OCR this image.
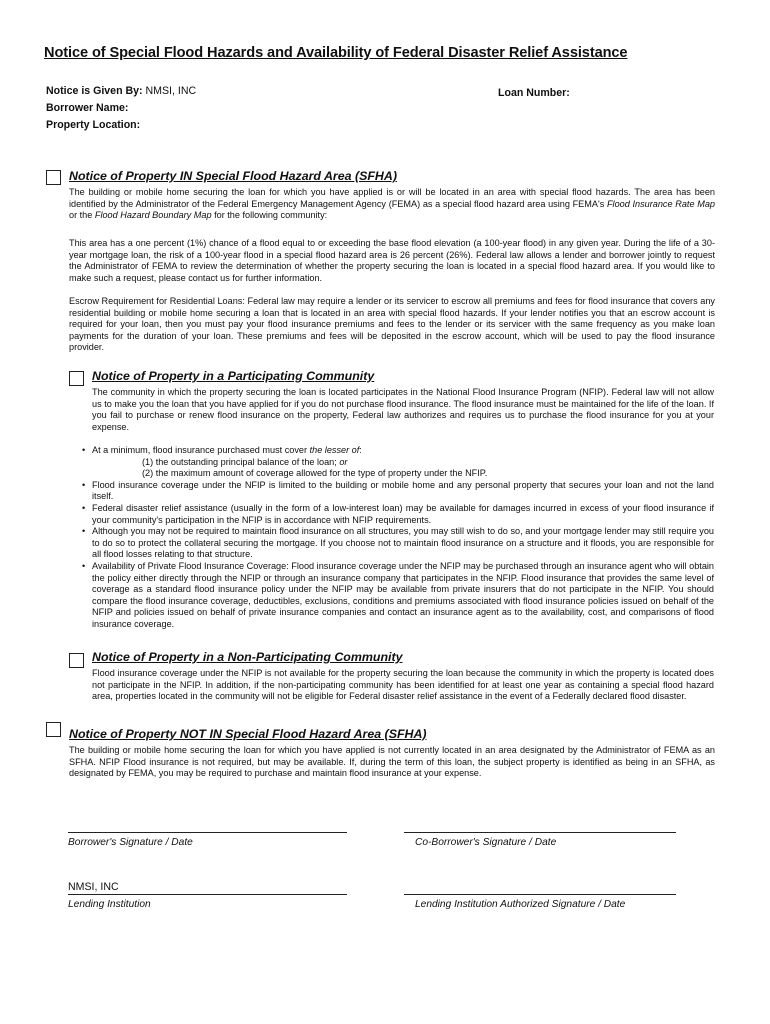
Notice of Special Flood Hazards and Availability of Federal Disaster Relief Assistance
Notice is Given By: NMSI, INC
Borrower Name:
Property Location:
Loan Number:
Notice of Property IN Special Flood Hazard Area (SFHA)

The building or mobile home securing the loan for which you have applied is or will be located in an area with special flood hazards. The area has been identified by the Administrator of the Federal Emergency Management Agency (FEMA) as a special flood hazard area using FEMA's Flood Insurance Rate Map or the Flood Hazard Boundary Map for the following community:

This area has a one percent (1%) chance of a flood equal to or exceeding the base flood elevation (a 100-year flood) in any given year. During the life of a 30-year mortgage loan, the risk of a 100-year flood in a special flood hazard area is 26 percent (26%). Federal law allows a lender and borrower jointly to request the Administrator of FEMA to review the determination of whether the property securing the loan is located in a special flood hazard area. If you would like to make such a request, please contact us for further information.

Escrow Requirement for Residential Loans: Federal law may require a lender or its servicer to escrow all premiums and fees for flood insurance that covers any residential building or mobile home securing a loan that is located in an area with special flood hazards. If your lender notifies you that an escrow account is required for your loan, then you must pay your flood insurance premiums and fees to the lender or its servicer with the same frequency as you make loan payments for the duration of your loan. These premiums and fees will be deposited in the escrow account, which will be used to pay the flood insurance provider.

Notice of Property in a Participating Community

The community in which the property securing the loan is located participates in the National Flood Insurance Program (NFIP). Federal law will not allow us to make you the loan that you have applied for if you do not purchase flood insurance. The flood insurance must be maintained for the life of the loan. If you fail to purchase or renew flood insurance on the property, Federal law authorizes and requires us to purchase the flood insurance for you at your expense.

• At a minimum, flood insurance purchased must cover the lesser of:
(1) the outstanding principal balance of the loan; or
(2) the maximum amount of coverage allowed for the type of property under the NFIP.
• Flood insurance coverage under the NFIP is limited to the building or mobile home and any personal property that secures your loan and not the land itself.
• Federal disaster relief assistance (usually in the form of a low-interest loan) may be available for damages incurred in excess of your flood insurance if your community's participation in the NFIP is in accordance with NFIP requirements.
• Although you may not be required to maintain flood insurance on all structures, you may still wish to do so, and your mortgage lender may still require you to do so to protect the collateral securing the mortgage. If you choose not to maintain flood insurance on a structure and it floods, you are responsible for all flood losses relating to that structure.
• Availability of Private Flood Insurance Coverage: Flood insurance coverage under the NFIP may be purchased through an insurance agent who will obtain the policy either directly through the NFIP or through an insurance company that participates in the NFIP. Flood insurance that provides the same level of coverage as a standard flood insurance policy under the NFIP may be available from private insurers that do not participate in the NFIP. You should compare the flood insurance coverage, deductibles, exclusions, conditions and premiums associated with flood insurance policies issued on behalf of the NFIP and policies issued on behalf of private insurance companies and contact an insurance agent as to the availability, cost, and comparisons of flood insurance coverage.
Notice of Property in a Non-Participating Community

Flood insurance coverage under the NFIP is not available for the property securing the loan because the community in which the property is located does not participate in the NFIP. In addition, if the non-participating community has been identified for at least one year as containing a special flood hazard area, properties located in the community will not be eligible for Federal disaster relief assistance in the event of a Federally declared flood disaster.

Notice of Property NOT IN Special Flood Hazard Area (SFHA)

The building or mobile home securing the loan for which you have applied is not currently located in an area designated by the Administrator of FEMA as an SFHA. NFIP Flood insurance is not required, but may be available. If, during the term of this loan, the subject property is identified as being in an SFHA, as designated by FEMA, you may be required to purchase and maintain flood insurance at your expense.

Borrower's Signature / Date	Co-Borrower's Signature / Date
NMSI, INC
Lending Institution	Lending Institution Authorized Signature / Date
